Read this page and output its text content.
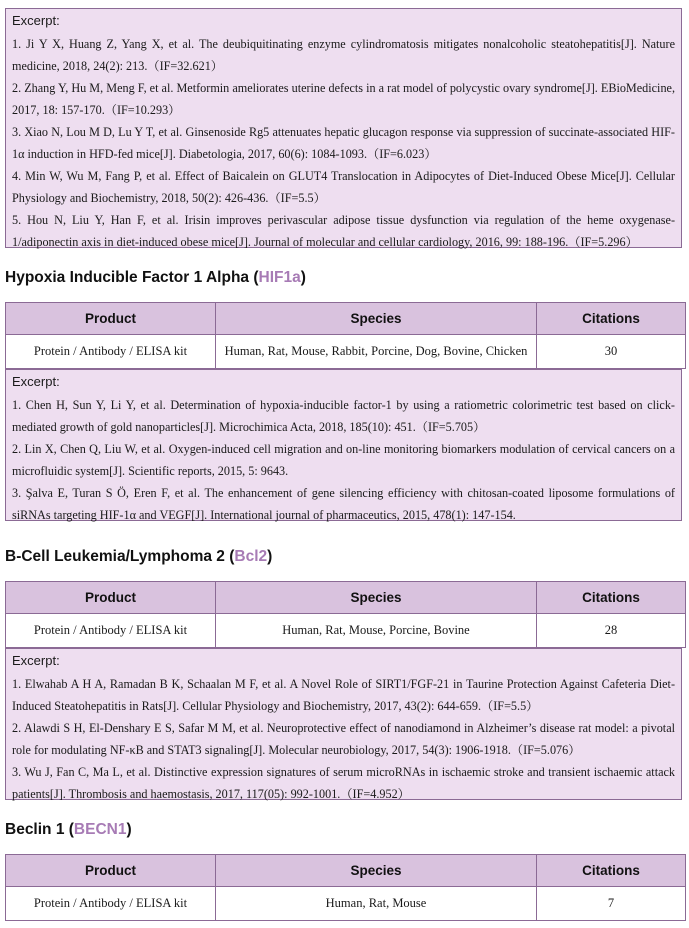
Excerpt:

1. Ji Y X, Huang Z, Yang X, et al. The deubiquitinating enzyme cylindromatosis mitigates nonalcoholic steatohepatitis[J]. Nature medicine, 2018, 24(2): 213.（IF=32.621）

2. Zhang Y, Hu M, Meng F, et al. Metformin ameliorates uterine defects in a rat model of polycystic ovary syndrome[J]. EBioMedicine, 2017, 18: 157-170.（IF=10.293）

3. Xiao N, Lou M D, Lu Y T, et al. Ginsenoside Rg5 attenuates hepatic glucagon response via suppression of succinate-associated HIF-1α induction in HFD-fed mice[J]. Diabetologia, 2017, 60(6): 1084-1093.（IF=6.023）

4. Min W, Wu M, Fang P, et al. Effect of Baicalein on GLUT4 Translocation in Adipocytes of Diet-Induced Obese Mice[J]. Cellular Physiology and Biochemistry, 2018, 50(2): 426-436.（IF=5.5）

5. Hou N, Liu Y, Han F, et al. Irisin improves perivascular adipose tissue dysfunction via regulation of the heme oxygenase-1/adiponectin axis in diet-induced obese mice[J]. Journal of molecular and cellular cardiology, 2016, 99: 188-196.（IF=5.296）

Hypoxia Inducible Factor 1 Alpha (HIF1a)
Product	Species	Citations
Protein / Antibody / ELISA kit	Human, Rat, Mouse, Rabbit, Porcine, Dog, Bovine, Chicken	30

Excerpt:

1. Chen H, Sun Y, Li Y, et al. Determination of hypoxia-inducible factor-1 by using a ratiometric colorimetric test based on click-mediated growth of gold nanoparticles[J]. Microchimica Acta, 2018, 185(10): 451.（IF=5.705）

2. Lin X, Chen Q, Liu W, et al. Oxygen-induced cell migration and on-line monitoring biomarkers modulation of cervical cancers on a microfluidic system[J]. Scientific reports, 2015, 5: 9643.

3. Şalva E, Turan S Ö, Eren F, et al. The enhancement of gene silencing efficiency with chitosan-coated liposome formulations of siRNAs targeting HIF-1α and VEGF[J]. International journal of pharmaceutics, 2015, 478(1): 147-154.

B-Cell Leukemia/Lymphoma 2 (Bcl2)
Product	Species	Citations
Protein / Antibody / ELISA kit	Human, Rat, Mouse, Porcine, Bovine	28

Excerpt:

1. Elwahab A H A, Ramadan B K, Schaalan M F, et al. A Novel Role of SIRT1/FGF-21 in Taurine Protection Against Cafeteria Diet-Induced Steatohepatitis in Rats[J]. Cellular Physiology and Biochemistry, 2017, 43(2): 644-659.（IF=5.5）

2. Alawdi S H, El-Denshary E S, Safar M M, et al. Neuroprotective effect of nanodiamond in Alzheimer’s disease rat model: a pivotal role for modulating NF-κB and STAT3 signaling[J]. Molecular neurobiology, 2017, 54(3): 1906-1918.（IF=5.076）

3. Wu J, Fan C, Ma L, et al. Distinctive expression signatures of serum microRNAs in ischaemic stroke and transient ischaemic attack patients[J]. Thrombosis and haemostasis, 2017, 117(05): 992-1001.（IF=4.952）

Beclin 1 (BECN1)
Product	Species	Citations
Protein / Antibody / ELISA kit	Human, Rat, Mouse	7
